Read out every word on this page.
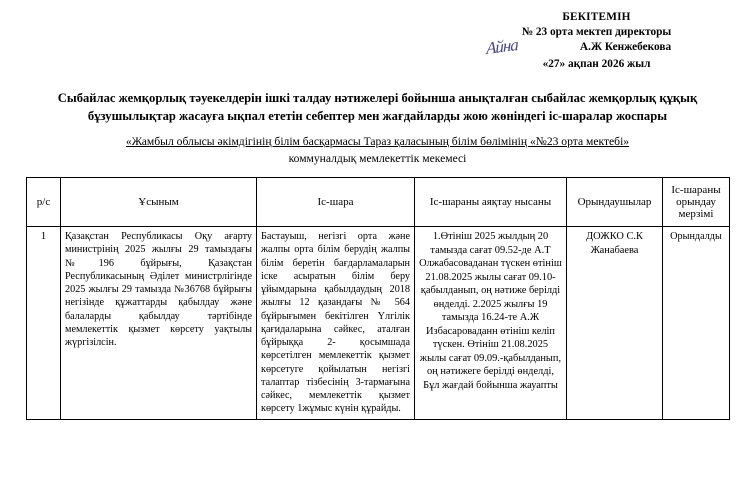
БЕКІТЕМІН
№ 23 орта мектеп директоры
Айна	А.Ж Кенжебекова
«27» ақпан 2026 жыл
Сыбайлас жемқорлық тәуекелдерін ішкі талдау нәтижелері бойынша анықталған сыбайлас жемқорлық құқық бұзушылықтар жасауға ықпал ететін себептер мен жағдайларды жою жөніндегі іс-шаралар жоспары
«Жамбыл облысы әкімдігінің білім басқармасы Тараз қаласының білім бөлімінің «№23 орта мектебі»
коммуналдық мемлекеттік мекемесі
р/с	Ұсыным	Іс-шара	Іс-шараны аяқтау нысаны	Орындаушылар	Іс-шараны орындау мерзімі
1	Қазақстан Республикасы Оқу ағарту министрінің 2025 жылғы 29 тамыздағы №196 бұйрығы, Қазақстан Республикасының Әділет министрлігінде 2025 жылғы 29 тамызда №36768 бұйрығы негізінде құжаттарды қабылдау және балаларды қабылдау тәртібінде мемлекеттік қызмет көрсету уақтылы жүргізілсін.	Бастауыш, негізгі орта және жалпы орта білім берудің жалпы білім беретін бағдарламаларын іске асыратын білім беру ұйымдарына қабылдаудың 2018 жылғы 12 қазандағы № 564 бұйрығымен бекітілген Үлгілік қағидаларына сәйкес, аталған бұйрыққа 2- қосымшада көрсетілген мемлекеттік қызмет көрсетуге қойылатын негізгі талаптар тізбесінің 3-тармағына сәйкес, мемлекеттік қызмет көрсету 1жұмыс күнін құрайды.	1.Өтініш 2025 жылдың 20 тамызда сағат 09.52-де А.Т Олжабасоваданан түскен өтініш 21.08.2025 жылы сағат 09.10-қабылданып, оң нәтиже берілді өнделді. 2.2025 жылғы 19 тамызда 16.24-те А.Ж Избасароваданн өтініш келіп түскен. Өтініш 21.08.2025 жылы сағат 09.09.-қабылданып, оң нәтижеге берілді өнделді, Бұл жағдай бойынша жауапты	ДОЖКО С.К Жанабаева	Орындалды
